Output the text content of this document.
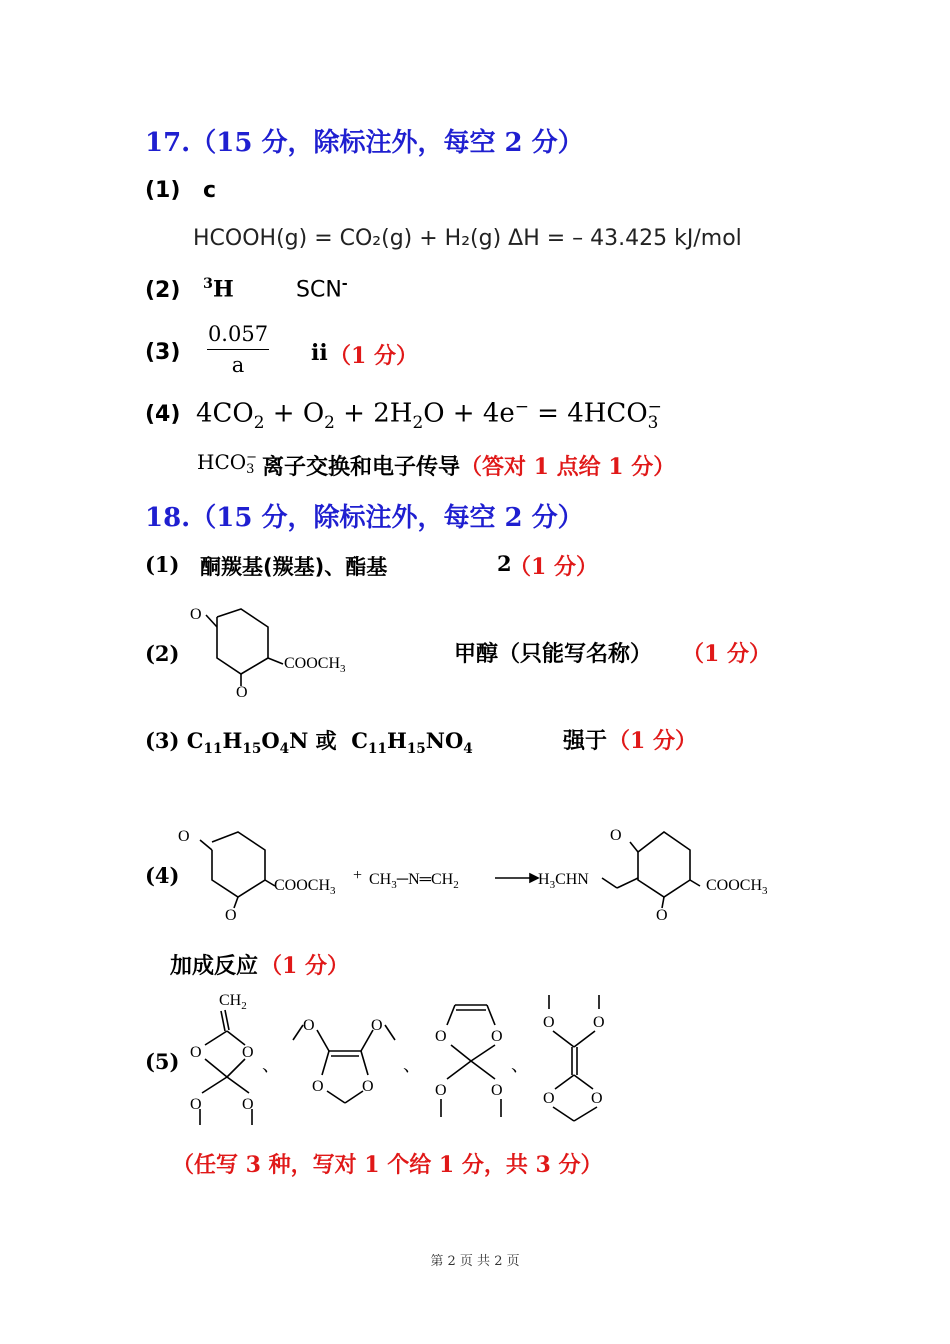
17.（15 分，除标注外，每空 2 分）
(1) c
HCOOH(g) = CO₂(g) + H₂(g) ΔH = – 43.425 kJ/mol
(2) $^3$H	SCN-
$(3) \frac{0.057}{a}$ ii （1 分）
(4) $4CO_2 + O_2 + 2H_2O + 4e^- = 4HCO$ −
3
HCO −
3 离子交换和电子传导 （答对 1 点给 1 分）
18.（15 分，除标注外，每空 2 分）
(1) 酮羰基(羰基)、酯基	2
（1 分）
(2)
O
O
$COOCH_3$
甲醇（只能写名称） （1 分）
(3) $C_{11}H_{15}O_4N$ 或 $C_{11}H_{15}NO_4$	强于 （1 分）
(4)
O
O
$COOCH_3$
+ $CH_3─N═CH_2$	$H_3CHN$
O
O
$COOCH_3$
加成反应 （1 分）
(5)
$CH_2$
O	O
O	O
、
O	O
O O
、
O	O
O	O
、
O O
O O
（任写 3 种，写对 1 个给 1 分，共 3 分）
第 2 页 共 2 页
